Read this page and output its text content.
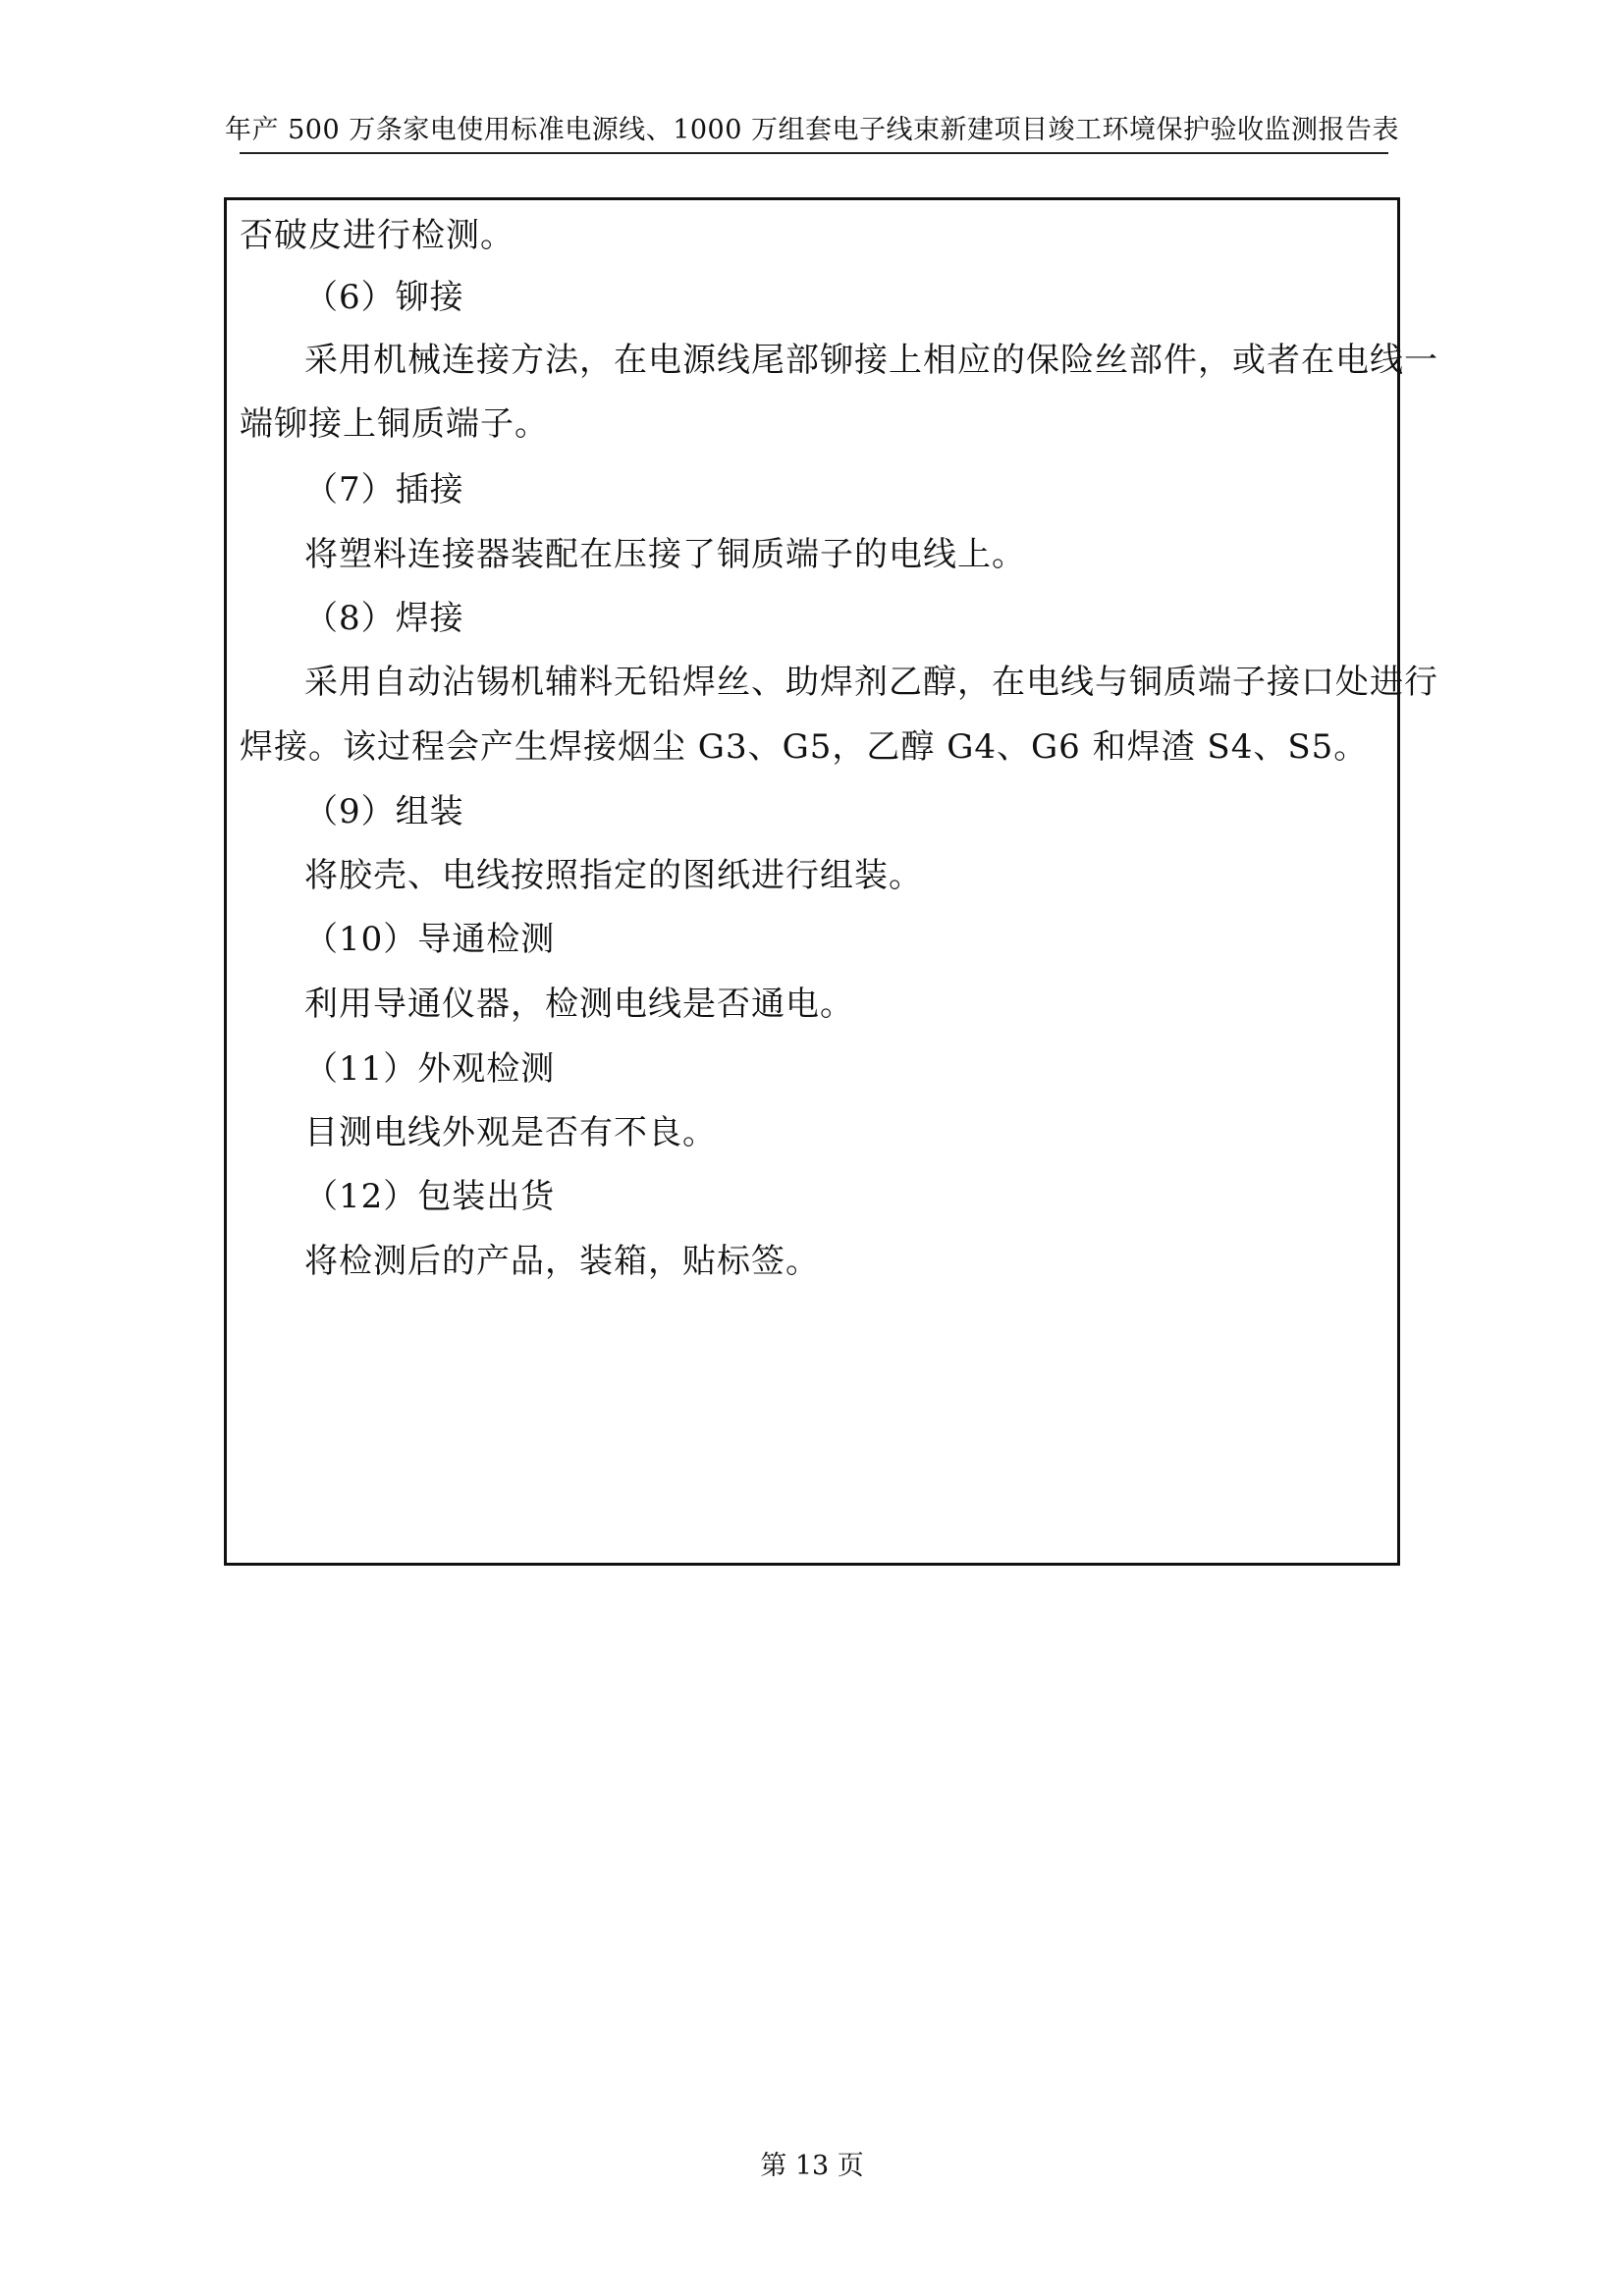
年产 500 万条家电使用标准电源线、1000 万组套电子线束新建项目竣工环境保护验收监测报告表
否破皮进行检测。
（6）铆接
采用机械连接方法，在电源线尾部铆接上相应的保险丝部件，或者在电线一
端铆接上铜质端子。
（7）插接
将塑料连接器装配在压接了铜质端子的电线上。
（8）焊接
采用自动沾锡机辅料无铅焊丝、助焊剂乙醇，在电线与铜质端子接口处进行
焊接。该过程会产生焊接烟尘 G3、G5，乙醇 G4、G6 和焊渣 S4、S5。
（9）组装
将胶壳、电线按照指定的图纸进行组装。
（10）导通检测
利用导通仪器，检测电线是否通电。
（11）外观检测
目测电线外观是否有不良。
（12）包装出货
将检测后的产品，装箱，贴标签。
第 13 页
